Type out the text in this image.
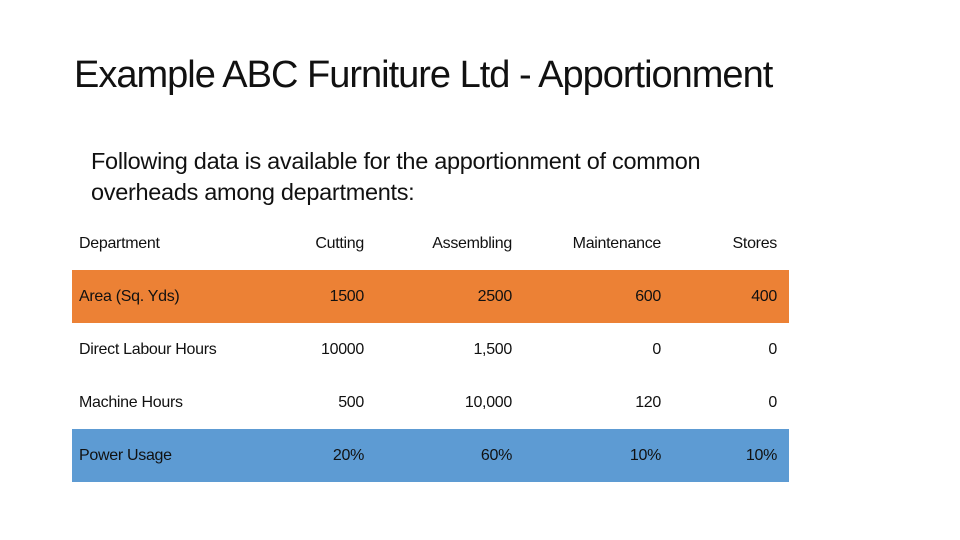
Example ABC Furniture Ltd - Apportionment
Following data is available for the apportionment of common
overheads among departments:
Department	Cutting	Assembling	Maintenance	Stores
Area (Sq. Yds)	1500	2500	600	400
Direct Labour Hours	10000	1,500	0	0
Machine Hours	500	10,000	120	0
Power Usage	20%	60%	10%	10%
